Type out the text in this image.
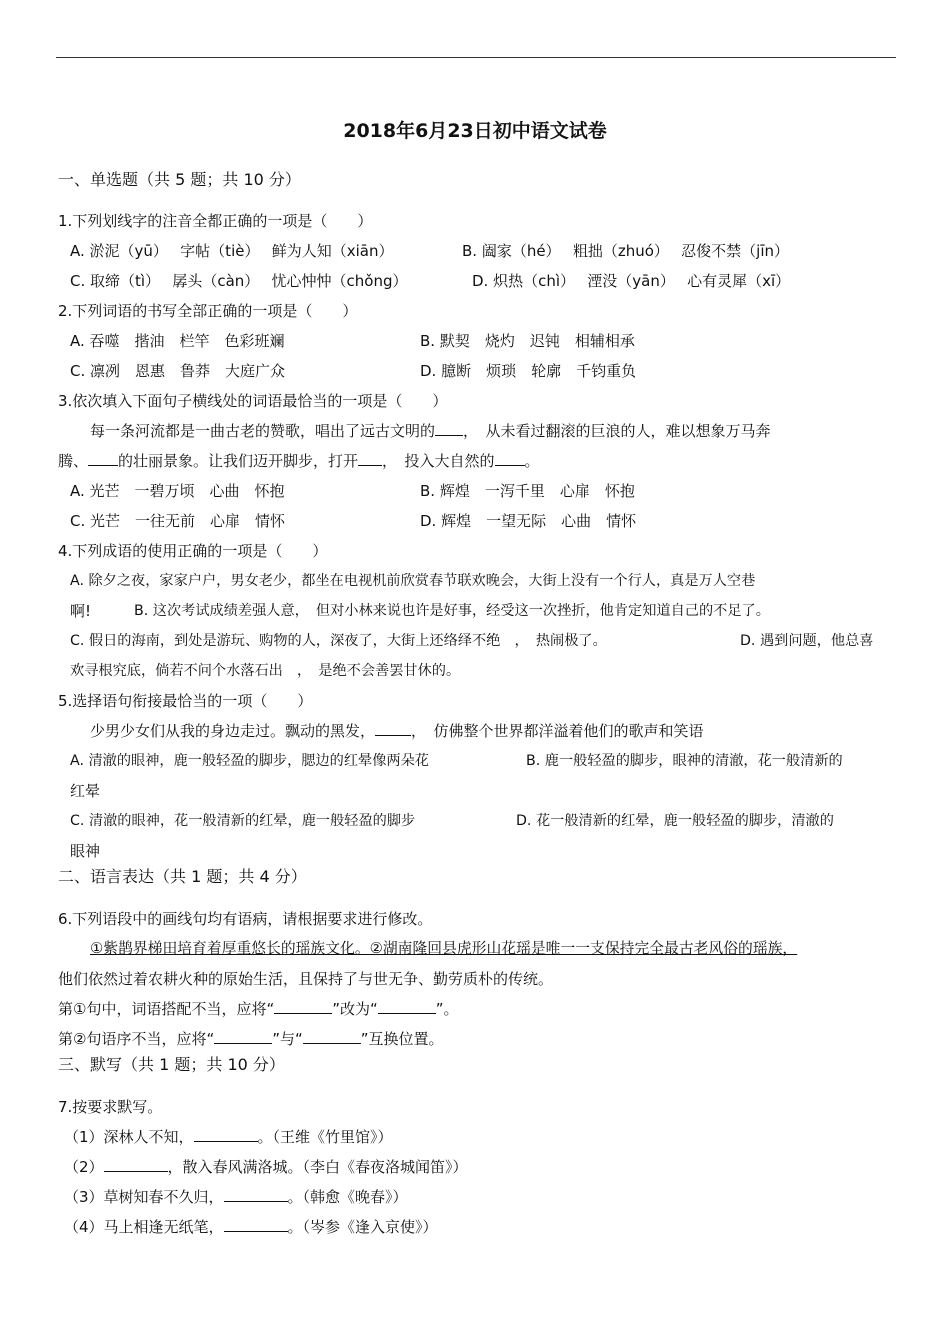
2018年6月23日初中语文试卷
一、单选题（共 5 题；共 10 分）
1.下列划线字的注音全都正确的一项是（　　）
A. 淤泥（yū）　 字帖（tiè）　 鲜为人知（xiān）	B. 阖家（hé）　 粗拙（zhuó）　 忍俊不禁（jīn）
C. 取缔（tì）　 孱头（càn）　 忧心忡忡（chǒng）	D. 炽热（chì）　 湮没（yān）　 心有灵犀（xī）
2.下列词语的书写全部正确的一项是（　　）
A. 吞噬　揩油　栏竿　色彩班斓	B. 默契　烧灼　迟钝　相辅相承
C. 凛冽　恩惠　鲁莽　大庭广众	D. 臆断　烦琐　轮廓　千钧重负
3.依次填入下面句子横线处的词语最恰当的一项是（　　）
每一条河流都是一曲古老的赞歌，唱出了远古文明的 ，　从未看过翻滚的巨浪的人，难以想象万马奔
腾、 的壮丽景象。让我们迈开脚步，打开 ，　投入大自然的 。
A. 光芒　一碧万顷　心曲　怀抱	B. 辉煌　一泻千里　心扉　怀抱
C. 光芒　一往无前　心扉　情怀	D. 辉煌　一望无际　心曲　情怀
4.下列成语的使用正确的一项是（　　）
A. 除夕之夜，家家户户，男女老少，都坐在电视机前欣赏春节联欢晚会，大街上没有一个行人，真是万人空巷
啊!	B. 这次考试成绩差强人意，　但对小林来说也许是好事，经受这一次挫折，他肯定知道自己的不足了。
C. 假日的海南，到处是游玩、购物的人，深夜了，大街上还络绎不绝　，　热闹极了。	D. 遇到问题，他总喜
欢寻根究底，倘若不问个水落石出　，　是绝不会善罢甘休的。
5.选择语句衔接最恰当的一项（　　）
少男少女们从我的身边走过。飘动的黑发， ，　仿佛整个世界都洋溢着他们的歌声和笑语
A. 清澈的眼神，鹿一般轻盈的脚步，腮边的红晕像两朵花	B. 鹿一般轻盈的脚步，眼神的清澈，花一般清新的
红晕
C. 清澈的眼神，花一般清新的红晕，鹿一般轻盈的脚步	D. 花一般清新的红晕，鹿一般轻盈的脚步，清澈的
眼神
二、语言表达（共 1 题；共 4 分）
6.下列语段中的画线句均有语病，请根据要求进行修改。
①紫鹊界梯田培育着厚重悠长的瑶族文化。②湖南隆回县虎形山花瑶是唯一一支保持完全最古老风俗的瑶族，
他们依然过着农耕火种的原始生活，且保持了与世无争、勤劳质朴的传统。
第①句中，词语搭配不当，应将“	”改为“	”。
第②句语序不当，应将“	”与“	”互换位置。
三、默写（共 1 题；共 10 分）
7.按要求默写。
（1）深林人不知，	。（王维《竹里馆》）
（2）	，散入春风满洛城。（李白《春夜洛城闻笛》）
（3）草树知春不久归，	。（韩愈《晚春》）
（4）马上相逢无纸笔，	。（岑参《逢入京使》）
